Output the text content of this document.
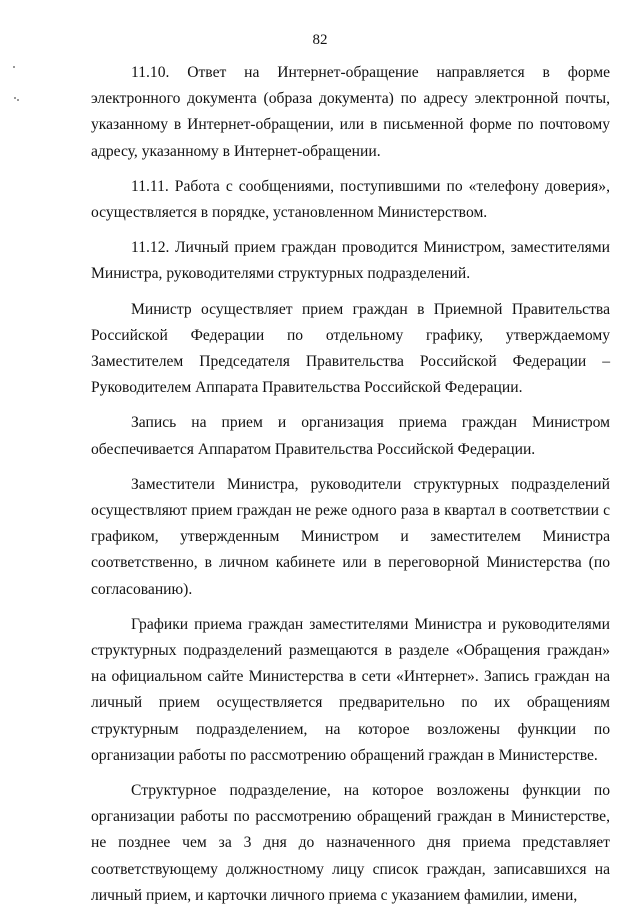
82

11.10. Ответ на Интернет-обращение направляется в форме электронного документа (образа документа) по адресу электронной почты, указанному в Интернет-обращении, или в письменной форме по почтовому адресу, указанному в Интернет-обращении.

11.11. Работа с сообщениями, поступившими по «телефону доверия», осуществляется в порядке, установленном Министерством.

11.12. Личный прием граждан проводится Министром, заместителями Министра, руководителями структурных подразделений.

Министр осуществляет прием граждан в Приемной Правительства Российской Федерации по отдельному графику, утверждаемому Заместителем Председателя Правительства Российской Федерации – Руководителем Аппарата Правительства Российской Федерации.

Запись на прием и организация приема граждан Министром обеспечивается Аппаратом Правительства Российской Федерации.

Заместители Министра, руководители структурных подразделений осуществляют прием граждан не реже одного раза в квартал в соответствии с графиком, утвержденным Министром и заместителем Министра соответственно, в личном кабинете или в переговорной Министерства (по согласованию).

Графики приема граждан заместителями Министра и руководителями структурных подразделений размещаются в разделе «Обращения граждан» на официальном сайте Министерства в сети «Интернет». Запись граждан на личный прием осуществляется предварительно по их обращениям структурным подразделением, на которое возложены функции по организации работы по рассмотрению обращений граждан в Министерстве.

Структурное подразделение, на которое возложены функции по организации работы по рассмотрению обращений граждан в Министерстве, не позднее чем за 3 дня до назначенного дня приема представляет соответствующему должностному лицу список граждан, записавшихся на личный прием, и карточки личного приема с указанием фамилии, имени,
